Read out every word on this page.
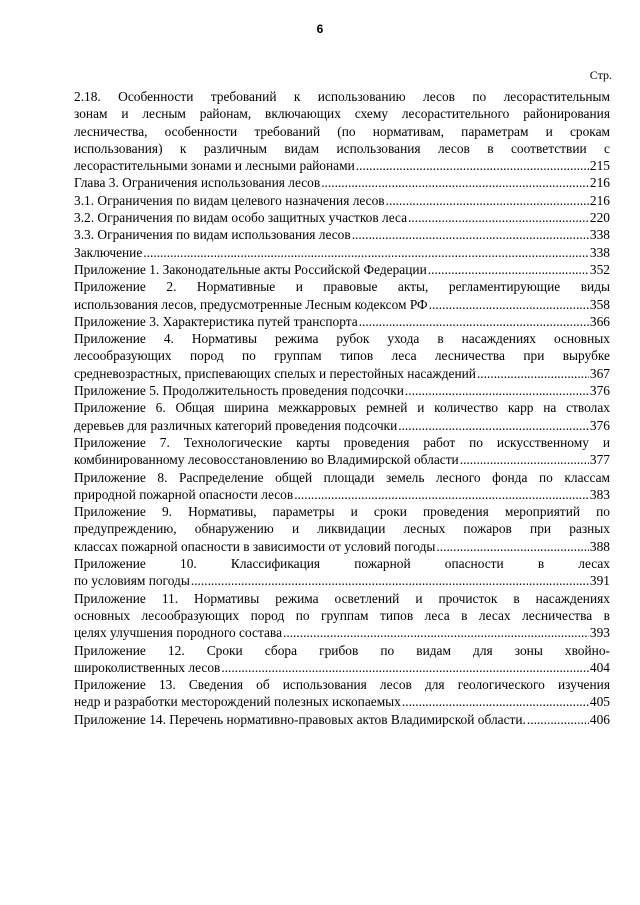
6
Стр.
2.18. Особенности требований к использованию лесов по лесорастительным
зонам и лесным районам, включающих схему лесорастительного районирования
лесничества, особенности требований (по нормативам, параметрам и срокам
использования) к различным видам использования лесов в соответствии с
лесорастительными зонами и лесными районами .....	215
Глава 3. Ограничения использования лесов .....	216
3.1. Ограничения по видам целевого назначения лесов .....	216
3.2. Ограничения по видам особо защитных участков леса .....	220
3.3. Ограничения по видам использования лесов .....	338
Заключение .....	338
Приложение 1. Законодательные акты Российской Федерации .....	352
Приложение 2. Нормативные и правовые акты, регламентирующие виды
использования лесов, предусмотренные Лесным кодексом РФ .....	358
Приложение 3. Характеристика путей транспорта .....	366
Приложение 4. Нормативы режима рубок ухода в насаждениях основных
лесообразующих пород по группам типов леса лесничества при вырубке
средневозрастных, приспевающих спелых и перестойных насаждений .....	367
Приложение 5. Продолжительность проведения подсочки .....	376
Приложение 6. Общая ширина межкарровых ремней и количество карр на стволах
деревьев для различных категорий проведения подсочки .....	376
Приложение 7. Технологические карты проведения работ по искусственному и
комбинированному лесовосстановлению во Владимирской области .....	377
Приложение 8. Распределение общей площади земель лесного фонда по классам
природной пожарной опасности лесов .....	383
Приложение 9. Нормативы, параметры и сроки проведения мероприятий по
предупреждению, обнаружению и ликвидации лесных пожаров при разных
классах пожарной опасности в зависимости от условий погоды .....	388
Приложение 10. Классификация пожарной опасности в лесах
по условиям погоды .....	391
Приложение 11. Нормативы режима осветлений и прочисток в насаждениях
основных лесообразующих пород по группам типов леса в лесах лесничества в
целях улучшения породного состава .....	393
Приложение 12. Сроки сбора грибов по видам для зоны хвойно-
широколиственных лесов .....	404
Приложение 13. Сведения об использования лесов для геологического изучения
недр и разработки месторождений полезных ископаемых .....	405
Приложение 14. Перечень нормативно-правовых актов Владимирской области. .....	406
